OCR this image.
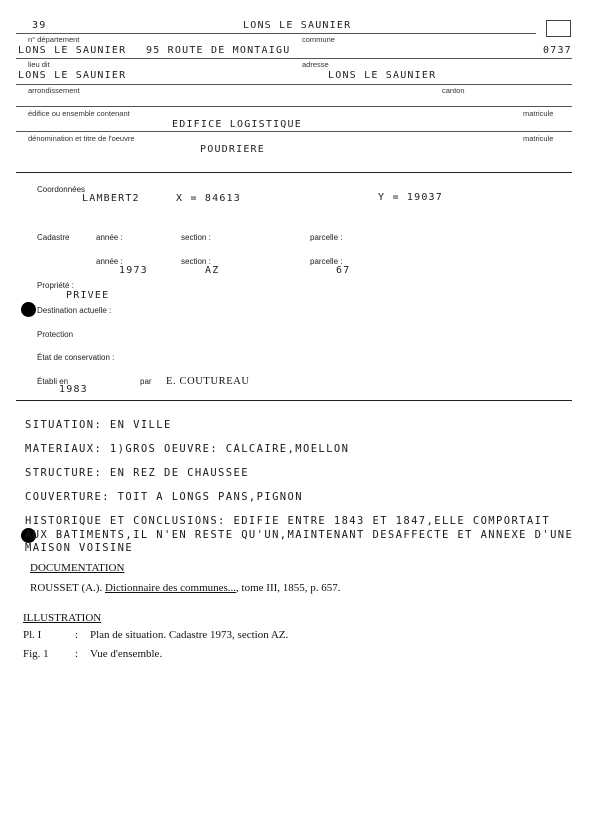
39	LONS LE SAUNIER
n° département	commune
LONS LE SAUNIER 95 ROUTE DE MONTAIGU	0737
lieu dit	adresse
LONS LE SAUNIER	LONS LE SAUNIER
arrondissement	canton
édifice ou ensemble contenant	matricule
EDIFICE LOGISTIQUE
dénomination et titre de l'oeuvre	matricule
POUDRIERE
Coordonnées
LAMBERT2	X = 84613	Y = 19037
Cadastre	année :	section :	parcelle :
année :
1973
section :
AZ
parcelle :
67
Propriété :
PRIVEE
Destination actuelle :
Protection
État de conservation :
Établi en
1983
par E. COUTUREAU
SITUATION: EN VILLE
MATERIAUX: 1)GROS OEUVRE: CALCAIRE,MOELLON
STRUCTURE: EN REZ DE CHAUSSEE
COUVERTURE: TOIT A LONGS PANS,PIGNON
HISTORIQUE ET CONCLUSIONS: EDIFIE ENTRE 1843 ET 1847,ELLE COMPORTAIT
AUX BATIMENTS,IL N'EN RESTE QU'UN,MAINTENANT DESAFFECTE ET ANNEXE D'UNE
MAISON VOISINE
DOCUMENTATION
ROUSSET (A.). Dictionnaire des communes..., tome III, 1855, p. 657.
ILLUSTRATION
Pl. I	: Plan de situation. Cadastre 1973, section AZ.
Fig. 1 : Vue d'ensemble.
